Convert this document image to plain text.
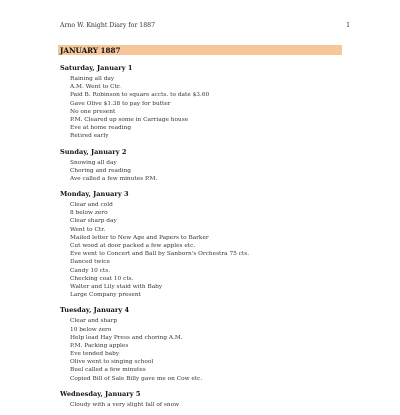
Arno W. Knight Diary for 1887	1
JANUARY 1887
Saturday, January 1
Raining all day
A.M. Went to Ctr.
Paid B. Robinson to square accts. to date $3.60
Gave Olive $1.38 to pay for butter
No one present
P.M. Cleared up some in Carriage house
Eve at home reading
Retired early
Sunday, January 2
Snowing all day
Choring and reading
Ave called a few minutes P.M.
Monday, January 3
Clear and cold
8 below zero
Clear sharp day
Went to Ctr.
Mailed letter to New Age and Papers to Barker
Cut wood at door packed a few apples etc.
Eve went to Concert and Ball by Sanborn's Orchestra 75 cts.
Danced twice
Candy 10 cts.
Checking coat 10 cts.
Walter and Lily staid with Baby
Large Company present
Tuesday, January 4
Clear and sharp
10 below zero
Help load Hay Press and choring A.M.
P.M. Packing apples
Eve tended baby
Olive went to singing school
Buel called a few minutes
Copied Bill of Sale Billy gave me on Cow etc.
Wednesday, January 5
Cloudy with a very slight fall of snow
